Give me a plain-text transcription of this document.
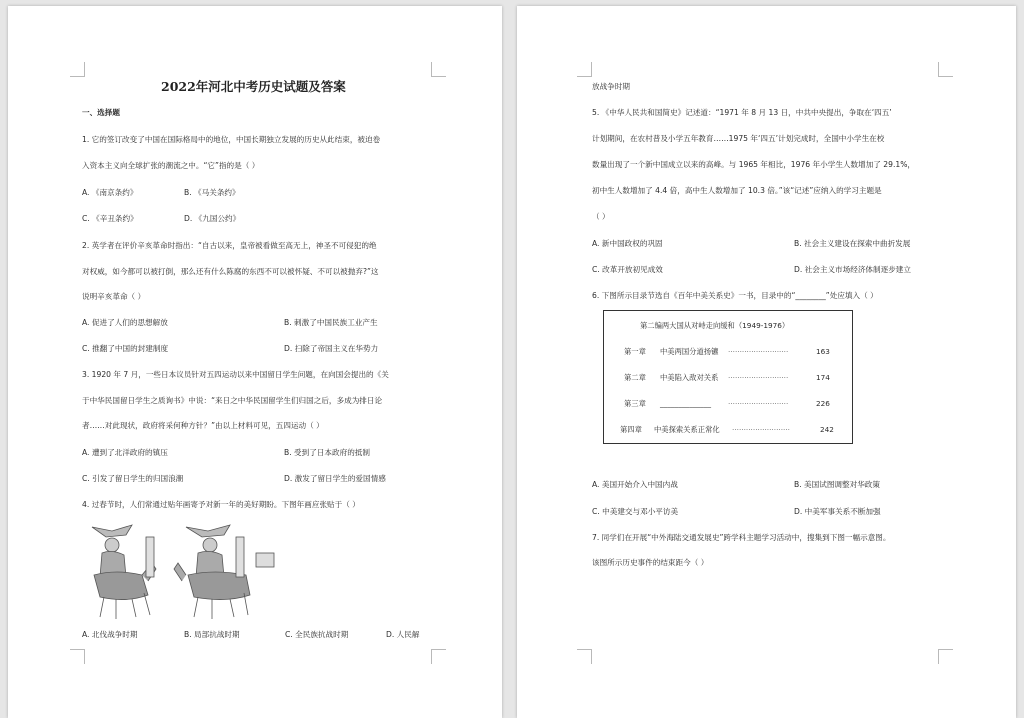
2022年河北中考历史试题及答案
一、选择题
1. 它的签订改变了中国在国际格局中的地位，中国长期独立发展的历史从此结束，被迫卷
入资本主义向全球扩张的潮流之中。“它”指的是（ ）
A. 《南京条约》	B. 《马关条约》
C. 《辛丑条约》	D. 《九国公约》
2. 英学者在评价辛亥革命时指出：“自古以来，皇帝被看做至高无上，神圣不可侵犯的绝
对权威，如今都可以被打倒，那么还有什么陈腐的东西不可以被怀疑、不可以被抛弃?”这
说明辛亥革命（ ）
A. 促进了人们的思想解放	B. 刺激了中国民族工业产生
C. 推翻了中国的封建制度	D. 扫除了帝国主义在华势力
3. 1920 年 7 月，一些日本议员针对五四运动以来中国留日学生问题，在向国会提出的《关
于中华民国留日学生之质询书》中说：“来日之中华民国留学生们归国之后，多成为排日论
者……对此现状，政府将采何种方针？”由以上材料可见，五四运动（ ）
A. 遭到了北洋政府的镇压	B. 受到了日本政府的抵制
C. 引发了留日学生的归国浪潮	D. 激发了留日学生的爱国情感
4. 过春节时，人们常通过贴年画寄予对新一年的美好期盼。下图年画应张贴于（ ）
A. 北伐战争时期	B. 局部抗战时期	C. 全民族抗战时期	D. 人民解
放战争时期
5. 《中华人民共和国简史》记述道：“1971 年 8 月 13 日，中共中央提出，争取在‘四五’
计划期间，在农村普及小学五年教育……1975 年‘四五’计划完成时，全国中小学生在校
数量出现了一个新中国成立以来的高峰。与 1965 年相比，1976 年小学生人数增加了 29.1%，
初中生人数增加了 4.4 倍，高中生人数增加了 10.3 倍。”该“记述”应纳入的学习主题是
（ ）
A. 新中国政权的巩固	B. 社会主义建设在探索中曲折发展
C. 改革开放初见成效	D. 社会主义市场经济体制逐步建立
6. 下图所示目录节选自《百年中美关系史》一书，目录中的“________”处应填入（ ）
第二编两大国从对峙走向缓和（1949-1976）
第一章 中美两国分道扬镳 ··························	163
第二章 中美陷入敌对关系 ··························	174
第三章 ______________ ··························	226
第四章 中美探索关系正常化 ·························	242
A. 美国开始介入中国内战	B. 美国试图调整对华政策
C. 中美建交与邓小平访美	D. 中美军事关系不断加强
7. 同学们在开展“中外海陆交通发展史”跨学科主题学习活动中，搜集到下图一幅示意图。
该图所示历史事件的结束距今（ ）
